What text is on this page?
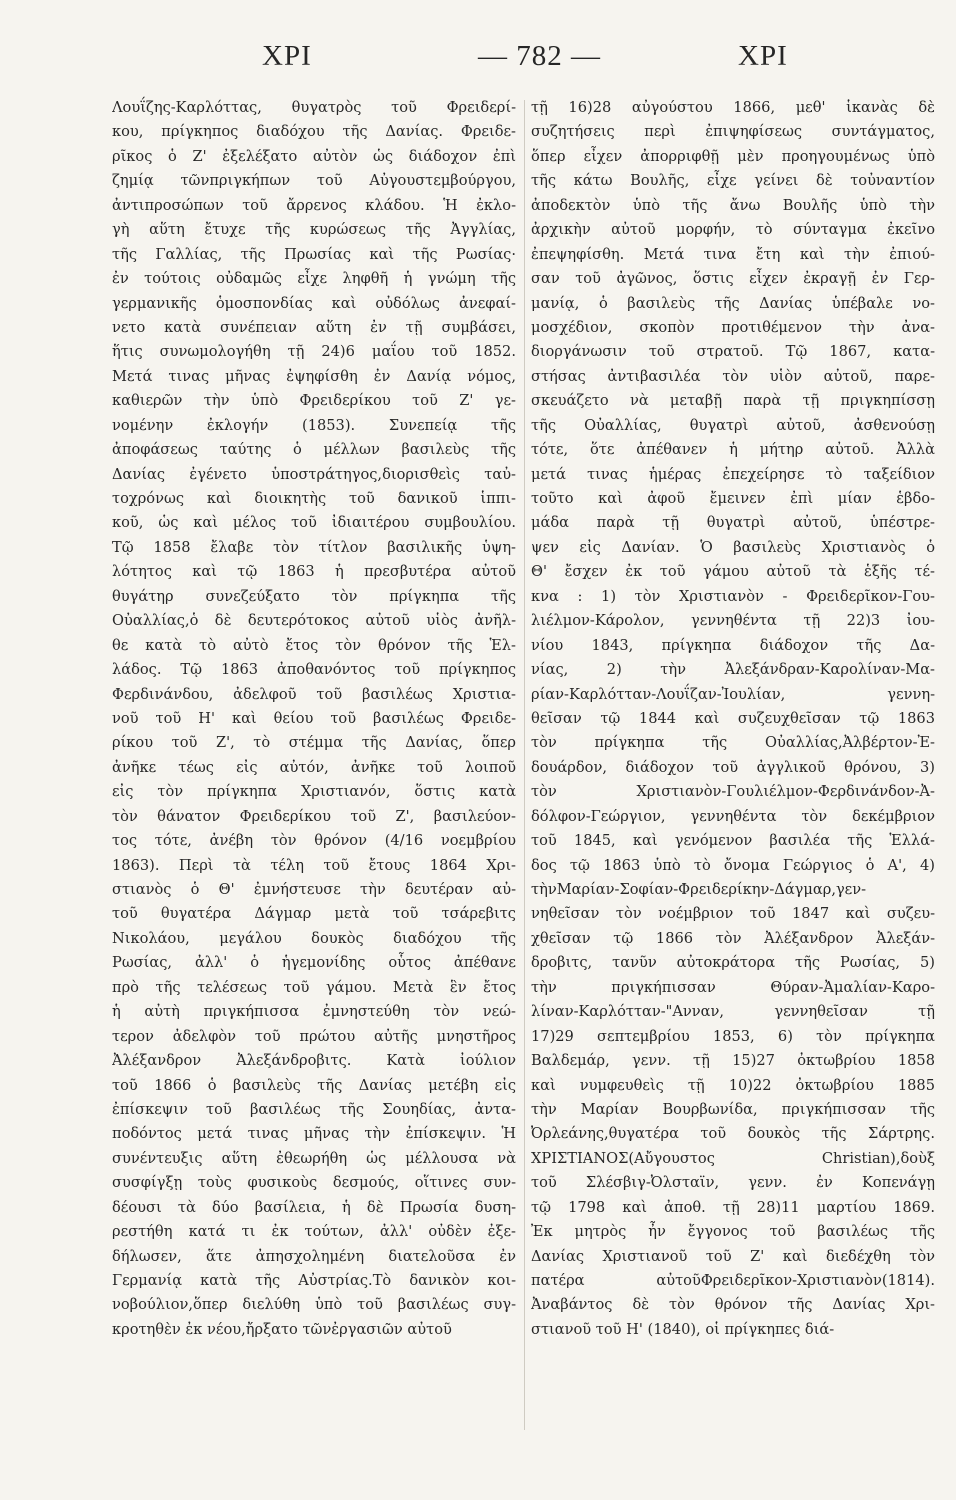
ΧΡΙ	— 782 —	ΧΡΙ
Λουΐζης-Καρλόττας, θυγατρὸς τοῦ Φρειδερί-
κου, πρίγκηπος διαδόχου τῆς Δανίας. Φρειδε-
ρῖκος ὁ Ζ' ἐξελέξατο αὐτὸν ὡς διάδοχον ἐπὶ
ζημίᾳ τῶνπριγκήπων τοῦ Αὐγουστεμβούργου,
ἀντιπροσώπων τοῦ ἄρρενος κλάδου. Ἡ ἐκλο-
γὴ αὕτη ἔτυχε τῆς κυρώσεως τῆς Ἀγγλίας,
τῆς Γαλλίας, τῆς Πρωσίας καὶ τῆς Ρωσίας·
ἐν τούτοις οὐδαμῶς εἶχε ληφθῆ ἡ γνώμη τῆς
γερμανικῆς ὁμοσπονδίας καὶ οὐδόλως ἀνεφαί-
νετο κατὰ συνέπειαν αὕτη ἐν τῇ συμβάσει,
ἥτις συνωμολογήθη τῇ 24)6 μαΐου τοῦ 1852.
Μετά τινας μῆνας ἐψηφίσθη ἐν Δανίᾳ νόμος,
καθιερῶν τὴν ὑπὸ Φρειδερίκου τοῦ Ζ' γε-
νομένην ἐκλογήν (1853). Συνεπείᾳ τῆς
ἀποφάσεως ταύτης ὁ μέλλων βασιλεὺς τῆς
Δανίας ἐγένετο ὑποστράτηγος,διορισθεὶς ταὐ-
τοχρόνως καὶ διοικητὴς τοῦ δανικοῦ ἱππι-
κοῦ, ὡς καὶ μέλος τοῦ ἰδιαιτέρου συμβουλίου.
Τῷ 1858 ἔλαβε τὸν τίτλον βασιλικῆς ὑψη-
λότητος καὶ τῷ 1863 ἡ πρεσβυτέρα αὐτοῦ
θυγάτηρ συνεζεύξατο τὸν πρίγκηπα τῆς
Οὐαλλίας,ὁ δὲ δευτερότοκος αὐτοῦ υἱὸς ἀνῆλ-
θε κατὰ τὸ αὐτὸ ἔτος τὸν θρόνον τῆς Ἑλ-
λάδος. Τῷ 1863 ἀποθανόντος τοῦ πρίγκηπος
Φερδινάνδου, ἀδελφοῦ τοῦ βασιλέως Χριστια-
νοῦ τοῦ Η' καὶ θείου τοῦ βασιλέως Φρειδε-
ρίκου τοῦ Ζ', τὸ στέμμα τῆς Δανίας, ὅπερ
ἀνῆκε τέως εἰς αὐτόν, ἀνῆκε τοῦ λοιποῦ
εἰς τὸν πρίγκηπα Χριστιανόν, ὅστις κατὰ
τὸν θάνατον Φρειδερίκου τοῦ Ζ', βασιλεύον-
τος τότε, ἀνέβη τὸν θρόνον (4/16 νοεμβρίου
1863). Περὶ τὰ τέλη τοῦ ἔτους 1864 Χρι-
στιανὸς ὁ Θ' ἐμνήστευσε τὴν δευτέραν αὐ-
τοῦ θυγατέρα Δάγμαρ μετὰ τοῦ τσάρεβιτς
Νικολάου, μεγάλου δουκὸς διαδόχου τῆς
Ρωσίας, ἀλλ' ὁ ἡγεμονίδης οὗτος ἀπέθανε
πρὸ τῆς τελέσεως τοῦ γάμου. Μετὰ ἓν ἔτος
ἡ αὐτὴ πριγκήπισσα ἐμνηστεύθη τὸν νεώ-
τερον ἀδελφὸν τοῦ πρώτου αὐτῆς μνηστῆρος
Ἀλέξανδρον Ἀλεξάνδροβιτς. Κατὰ ἰούλιον
τοῦ 1866 ὁ βασιλεὺς τῆς Δανίας μετέβη εἰς
ἐπίσκεψιν τοῦ βασιλέως τῆς Σουηδίας, ἀντα-
ποδόντος μετά τινας μῆνας τὴν ἐπίσκεψιν. Ἡ
συνέντευξις αὕτη ἐθεωρήθη ὡς μέλλουσα νὰ
συσφίγξῃ τοὺς φυσικοὺς δεσμούς, οἵτινες συν-
δέουσι τὰ δύο βασίλεια, ἡ δὲ Πρωσία δυση-
ρεστήθη κατά τι ἐκ τούτων, ἀλλ' οὐδὲν ἐξε-
δήλωσεν, ἅτε ἀπησχολημένη διατελοῦσα ἐν
Γερμανίᾳ κατὰ τῆς Αὐστρίας.Τὸ δανικὸν κοι-
νοβούλιον,ὅπερ διελύθη ὑπὸ τοῦ βασιλέως συγ-
κροτηθὲν ἐκ νέου,ἤρξατο τῶνἐργασιῶν αὐτοῦ
τῇ 16)28 αὐγούστου 1866, μεθ' ἱκανὰς δὲ
συζητήσεις περὶ ἐπιψηφίσεως συντάγματος,
ὅπερ εἶχεν ἀπορριφθῇ μὲν προηγουμένως ὑπὸ
τῆς κάτω Βουλῆς, εἶχε γείνει δὲ τοὐναντίον
ἀποδεκτὸν ὑπὸ τῆς ἄνω Βουλῆς ὑπὸ τὴν
ἀρχικὴν αὐτοῦ μορφήν, τὸ σύνταγμα ἐκεῖνο
ἐπεψηφίσθη. Μετά τινα ἔτη καὶ τὴν ἐπιού-
σαν τοῦ ἀγῶνος, ὅστις εἶχεν ἐκραγῇ ἐν Γερ-
μανίᾳ, ὁ βασιλεὺς τῆς Δανίας ὑπέβαλε νο-
μοσχέδιον, σκοπὸν προτιθέμενον τὴν ἀνα-
διοργάνωσιν τοῦ στρατοῦ. Τῷ 1867, κατα-
στήσας ἀντιβασιλέα τὸν υἱὸν αὐτοῦ, παρε-
σκευάζετο νὰ μεταβῇ παρὰ τῇ πριγκηπίσσῃ
τῆς Οὐαλλίας, θυγατρὶ αὐτοῦ, ἀσθενούσῃ
τότε, ὅτε ἀπέθανεν ἡ μήτηρ αὐτοῦ. Ἀλλὰ
μετά τινας ἡμέρας ἐπεχείρησε τὸ ταξείδιον
τοῦτο καὶ ἀφοῦ ἔμεινεν ἐπὶ μίαν ἑβδο-
μάδα παρὰ τῇ θυγατρὶ αὐτοῦ, ὑπέστρε-
ψεν εἰς Δανίαν. Ὁ βασιλεὺς Χριστιανὸς ὁ
Θ' ἔσχεν ἐκ τοῦ γάμου αὐτοῦ τὰ ἑξῆς τέ-
κνα : 1) τὸν Χριστιανὸν - Φρειδερῖκον-Γου-
λιέλμον-Κάρολον, γεννηθέντα τῇ 22)3 ἰου-
νίου 1843, πρίγκηπα διάδοχον τῆς Δα-
νίας, 2) τὴν Ἀλεξάνδραν-Καρολίναν-Μα-
ρίαν-Καρλότταν-Λουΐζαν-Ἰουλίαν, γεννη-
θεῖσαν τῷ 1844 καὶ συζευχθεῖσαν τῷ 1863
τὸν πρίγκηπα τῆς Οὐαλλίας,Ἀλβέρτον-Ἐ-
δουάρδον, διάδοχον τοῦ ἀγγλικοῦ θρόνου, 3)
τὸν Χριστιανὸν-Γουλιέλμον-Φερδινάνδον-Ἀ-
δόλφον-Γεώργιον, γεννηθέντα τὸν δεκέμβριον
τοῦ 1845, καὶ γενόμενον βασιλέα τῆς Ἑλλά-
δος τῷ 1863 ὑπὸ τὸ ὄνομα Γεώργιος ὁ Α', 4)
τὴνΜαρίαν-Σοφίαν-Φρειδερίκην-Δάγμαρ,γεν-
νηθεῖσαν τὸν νοέμβριον τοῦ 1847 καὶ συζευ-
χθεῖσαν τῷ 1866 τὸν Ἀλέξανδρον Ἀλεξάν-
δροβιτς, τανῦν αὐτοκράτορα τῆς Ρωσίας, 5)
τὴν πριγκήπισσαν Θύραν-Ἀμαλίαν-Καρο-
λίναν-Καρλότταν-"Ανναν, γεννηθεῖσαν τῇ
17)29 σεπτεμβρίου 1853, 6) τὸν πρίγκηπα
Βαλδεμάρ, γενν. τῇ 15)27 ὀκτωβρίου 1858
καὶ νυμφευθεὶς τῇ 10)22 ὀκτωβρίου 1885
τὴν Μαρίαν Βουρβωνίδα, πριγκήπισσαν τῆς
Ὀρλεάνης,θυγατέρα τοῦ δουκὸς τῆς Σάρτρης.
ΧΡΙΣΤΙΑΝΟΣ(Αὔγουστος Christian),δοὺξ
τοῦ Σλέσβιγ-Ὀλσταϊν, γενν. ἐν Κοπενάγῃ
τῷ 1798 καὶ ἀποθ. τῇ 28)11 μαρτίου 1869.
Ἐκ μητρὸς ἦν ἔγγονος τοῦ βασιλέως τῆς
Δανίας Χριστιανοῦ τοῦ Ζ' καὶ διεδέχθη τὸν
πατέρα αὐτοῦΦρειδερῖκον-Χριστιανὸν(1814).
Ἀναβάντος δὲ τὸν θρόνον τῆς Δανίας Χρι-
στιανοῦ τοῦ Η' (1840), οἱ πρίγκηπες διά-
